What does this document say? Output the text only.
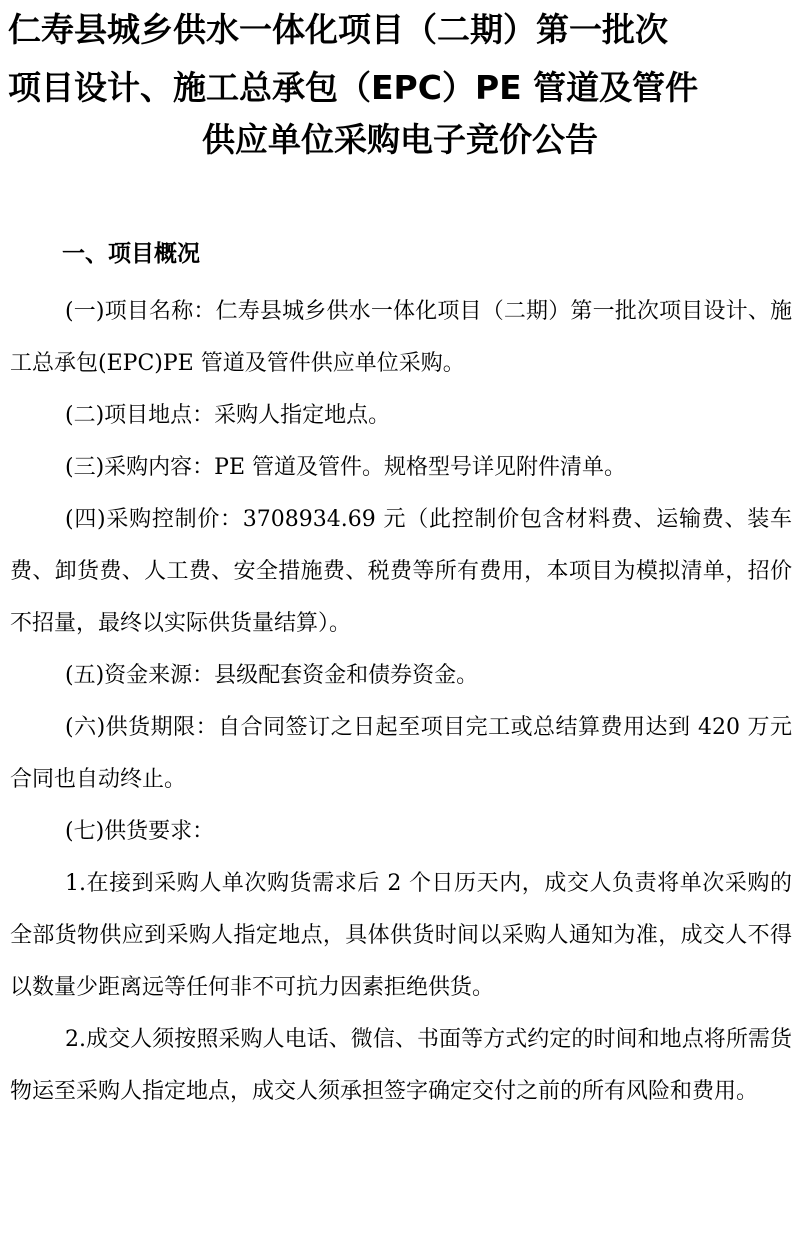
仁寿县城乡供水一体化项目（二期）第一批次
项目设计、施工总承包（EPC）PE 管道及管件
供应单位采购电子竞价公告
一、项目概况

(一)项目名称：仁寿县城乡供水一体化项目（二期）第一批次项目设计、施工总承包(EPC)PE 管道及管件供应单位采购。

(二)项目地点：采购人指定地点。

(三)采购内容：PE 管道及管件。规格型号详见附件清单。

(四)采购控制价：3708934.69 元（此控制价包含材料费、运输费、装车费、卸货费、人工费、安全措施费、税费等所有费用，本项目为模拟清单，招价不招量，最终以实际供货量结算）。

(五)资金来源：县级配套资金和债券资金。

(六)供货期限：自合同签订之日起至项目完工或总结算费用达到 420 万元合同也自动终止。

(七)供货要求：

1.在接到采购人单次购货需求后 2 个日历天内，成交人负责将单次采购的全部货物供应到采购人指定地点，具体供货时间以采购人通知为准，成交人不得以数量少距离远等任何非不可抗力因素拒绝供货。

2.成交人须按照采购人电话、微信、书面等方式约定的时间和地点将所需货物运至采购人指定地点，成交人须承担签字确定交付之前的所有风险和费用。
